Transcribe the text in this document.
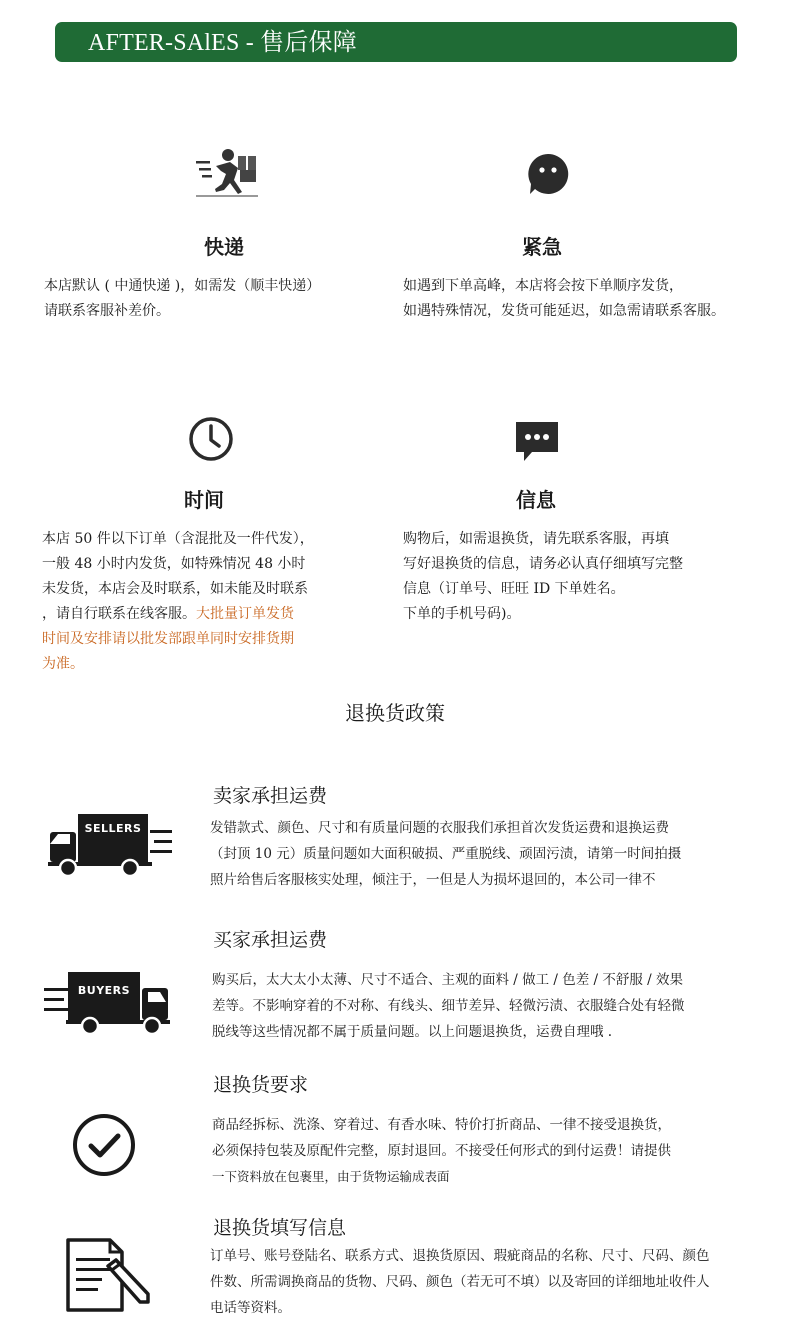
AFTER-SAlES - 售后保障
快递
本店默认 ( 中通快递 )，如需发（顺丰快递）
请联系客服补差价。
紧急
如遇到下单高峰，本店将会按下单顺序发货，
如遇特殊情况，发货可能延迟，如急需请联系客服。
时间
本店 50 件以下订单（含混批及一件代发），
一般 48 小时内发货，如特殊情况 48 小时
未发货，本店会及时联系，如未能及时联系
，请自行联系在线客服。大批量订单发货
时间及安排请以批发部跟单同时安排货期
为准。
信息
购物后，如需退换货，请先联系客服，再填
写好退换货的信息，请务必认真仔细填写完整
信息（订单号、旺旺 ID 下单姓名。
下单的手机号码)。
退换货政策
SELLERS
卖家承担运费
发错款式、颜色、尺寸和有质量问题的衣服我们承担首次发货运费和退换运费
（封顶 10 元）质量问题如大面积破损、严重脱线、顽固污渍，请第一时间拍摄
照片给售后客服核实处理，倾注于，一但是人为损坏退回的，本公司一律不
BUYERS
买家承担运费
购买后，太大太小太薄、尺寸不适合、主观的面料 / 做工 / 色差 / 不舒服 / 效果
差等。不影响穿着的不对称、有线头、细节差异、轻微污渍、衣服缝合处有轻微
脱线等这些情况都不属于质量问题。以上问题退换货，运费自理哦 .
退换货要求
商品经拆标、洗涤、穿着过、有香水味、特价打折商品、一律不接受退换货，
必须保持包装及原配件完整，原封退回。不接受任何形式的到付运费！请提供
一下资料放在包裹里，由于货物运输成表面
退换货填写信息
订单号、账号登陆名、联系方式、退换货原因、瑕疵商品的名称、尺寸、尺码、颜色
件数、所需调换商品的货物、尺码、颜色（若无可不填）以及寄回的详细地址收件人
电话等资料。
